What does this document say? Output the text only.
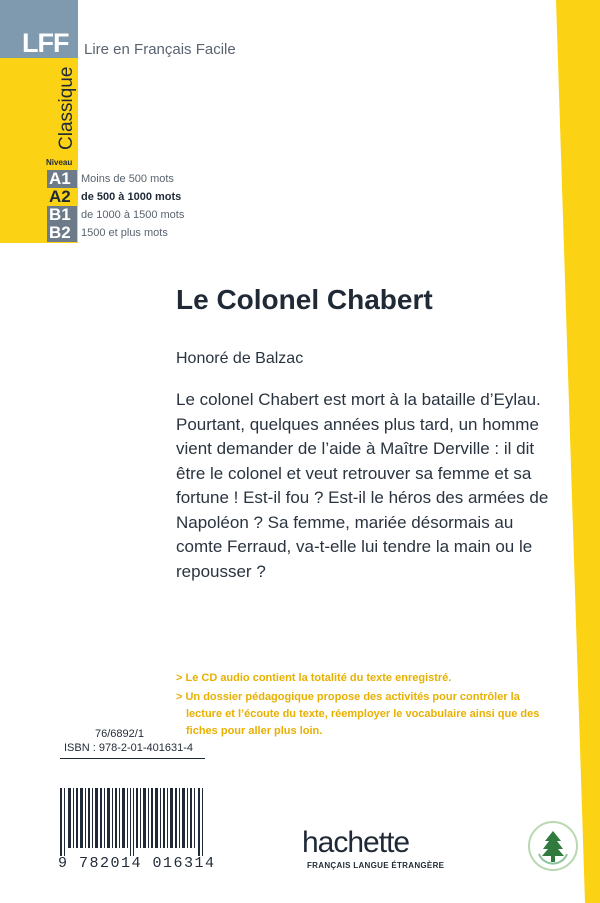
LFF Lire en Français Facile
Classique
Niveau
A1
A2
B1
B2
Moins de 500 mots
de 500 à 1000 mots
de 1000 à 1500 mots
1500 et plus mots
Le Colonel Chabert
Honoré de Balzac

Le colonel Chabert est mort à la bataille d’Eylau. Pourtant, quelques années plus tard, un homme vient demander de l’aide à Maître Derville : il dit être le colonel et veut retrouver sa femme et sa fortune ! Est-il fou ? Est-il le héros des armées de Napoléon ? Sa femme, mariée désormais au comte Ferraud, va-t-elle lui tendre la main ou le repousser ?

> Le CD audio contient la totalité du texte enregistré.
> Un dossier pédagogique propose des activités pour contrôler la lecture et l’écoute du texte, réemployer le vocabulaire ainsi que des fiches pour aller plus loin.
76/6892/1
ISBN : 978-2-01-401631-4
9 782014 016314
hachette
FRANÇAIS LANGUE ÉTRANGÈRE
